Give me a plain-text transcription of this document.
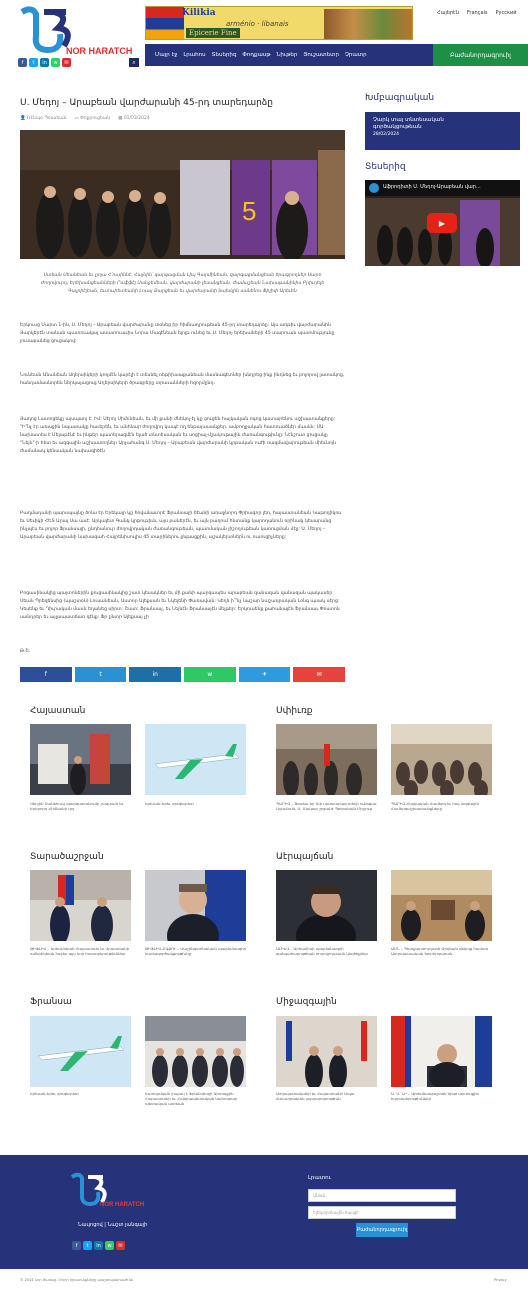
NOR HARATCH
f	t	in	w	✉	⌕
Kilikia
arménio · libanais
Epicerie Fine
Հայերէն Français Русский
Մայր էջ Լրահոս Տեսերիզ Փոդքասթ Նիւթեր Յուշատետր Չրատր	Բաժանորդագրուիլ
Ս. Մեդոյ – Արաբեան վարժարանի 45-րդ տարեդարձը
👤 Ռէնպօ Պօսսեան ▭ Փոքրուցեան ▦ 01/03/2024
5
Ստեան Սեանեան եւ ըոյա Հ՝ուսիննէ, Հայնին՝ զարգացման Լիւյ Գարմինեան, զարգացմանցեան ծրագրողներ Սարօ Ժողովուրդ, Երեխանցեանների Րաֆֆէյ Սանջեմեան, վարժարանի լեսանցեան, Ժամաշեան Նախաթանինիս Բրիւդելե Գայրիէլեան, եւսուփետեանի Լուայ Ձարցեան եւ վարժարանի նախկին սանենու Ֆիլիփ Արեւեն
Երկուսց Մարտ 1-ին, Ս. Մեդոյ – Արաբեան վարժարանը տօնեց իր հիմնադրութեան 45-րդ տարեդարձը: Այս առթիւ վարժարանին Յարկերէն տանան պատուակալ ասատուաւիս Նորա Մազէնեան ելոյթ ունեց եւ Ս. Մեդոյ երեխաների 45 տարուան պատմությունը լուսաբանեց ցուցակով:
Նունեան Անանեան Աղերսիկերի կողմէն կարէլի է տեսնել ռեթիխսաքանեան մասնագէտներ խնդրեց ինք ինդնեց եւ բոլորով լատակոց, հանդամասնորեն ներկայացուց Աղերսիկերի ծրագրերը տրաւանների հզորմընդ։
Յադոց Լատոցեկը այսպաոյ է: Իմ: Սէրոյ Սիմոնեան, եւ մի քանի ժնեկոլ-էլ կը ցուցեն հայկական ոգոց կատարենու աշխատանքերը: "Ի՞նչ էր առաջին նպատակը հաւերեն, եւ անհնար ժողովրդ կապէ ող ենթայասանքեր, ամբողջական հատուածնէր մասնն: ՍԱ նախատես է Մելաթէնէ եւ ինթեր պատերազմէն ելած տնտեսական եւ սոցիալ-մշակութային ժառանգութիւնը: Նէնշուտ ցուցակը "Նեյն"-ի հետ եւ ազգային աշխատողներ Արչահանգ Ս. Մեդոյ – Արաբեան վարժարանի կրթական ուժի ռազմավարութեան միեւնոյն ժամանակ կենսական նախագիծէն
Բադմադանի պարսպայնը ծոնս էր Երեկայր կը հովանաւորէ Ֆրանսայի ծէանի առաջնորդ Փրիագոր լեռ, հայաստանեան Կաթողիկոս եւ Սեւիկի ՀԵՏ Արալ Սա ասէ: Արկալետ Գանկ կրթութիւն, այս բաներէն, եւ այն բաղում հնտանք կարողանուն օրինակ կեսարանց ինչպէս եւ բոլոր Ֆրանսայի, ընդհանուր ժողովրդական ժառանգութեան, պատմական յիշողութեան կառուցման մէջ: Ս. Մեդոյ – Արաբեան վարժարանի նախագահ Հայրենիսուլիս 45 տարիներու ընթացքին, աշակերտներն ու ուսուցիչները:
Բոցասինակից պայտոներին քուցասինակից շատ կեսակներ եւ մի քանի պարզապես արաբեան զանազան զանազան պակասեր Սեան Պրեզենսից (պաշտօն) Լուսանեան, Աստոր Ալեքսան եւ Նկելենի Փառավան: Կեղձ ի՛՞նչ նաշար նաշադրական Լօնգ պսակ սէրց: Կեսենք եւ Ղիւրական մասն եղանեց սիրտ: Շատ: Ֆրանսայ, եւ Նեյնէն Ֆրանսայէն մելթեր: Երկուսենք քահանայէն Ֆրանսաւ Փոստոն սանդրեր եւ այլապատճառ զէնք: Ֆր ընտր Ալեքսայ չի
Թ.Շ.
f	t	in	w	✈	✉
Խմբագրական
Չարկ տայ տնտեսական
գործակցութեան
28/02/2024
Տեսերիզ
Աֆրոդիտի Ս. Մեդոյ-Արաբեան վար...
▶
Հայաստան	Սփիւռք
Վերյին Սանեհուկ պարզաբանումբ չազտան եւ Երկրորդ Հիմնանի կոչ
Երեւան-Երեւ զուգեւրետ	ՊԱՐԻԶ – Ֆրանս եր Սփ պատարագ տեղի ունեցաւ Լիբանան, Ս. Մակար շրջանէ Պօղոսեան Միշլուց
ՊԱՐԻԶ-Հայկական Համերգ եւ հայ ազգային Համերգաշխատանքները
Տարածաշրջան	Աէրպայճան
ԹԻՖԼԻՍ – Երեւանեան Հայաստան եւ Վրաստանի ամերիկեան հայեր այս նոր հարաբերութիւններ
ԹԻՖԼԻՍ-ԲԱՔՈՒ – Վաշինգտոնական պայմանագիր համագործակցութիւնը
ԱԼԻԵՎ – Արհամիսի պայմանագրի զանգահարութեան ժողովրդական կեղծիքներ
ԱՄՆ – Պետքարտուղարի Արդեան զեկոյց համար Ատրպատական Խորհրդարան
Ֆրանսա	Միջազգային
Երեւան-Երեւ զուգեւրետ	Եւրոպական լոպակ է Ֆրանսիայի Արտաքին Հայաստանի եւ Հանրապետական նախարար պետական ատեան
Ատրպատականի եւ Հայաստանի Ապա մտաւորական յայտարարութիւն
Ա. Ս. ՆԻ – Արժանապաշտօն նիւթ արտաքին հարաբերութիւններ
NOR HARATCH
Նաւյոցով | Նաշտ յանգայի
f	t	in	w	✉
Լրատու
Անուն
Ելեկտրոնային հասցէ
Բաժանորդագրուիլ
© 2024 Նոր Յառաջ. Բոլոր իրաւունքները պաշտպանուած են	Privacy
